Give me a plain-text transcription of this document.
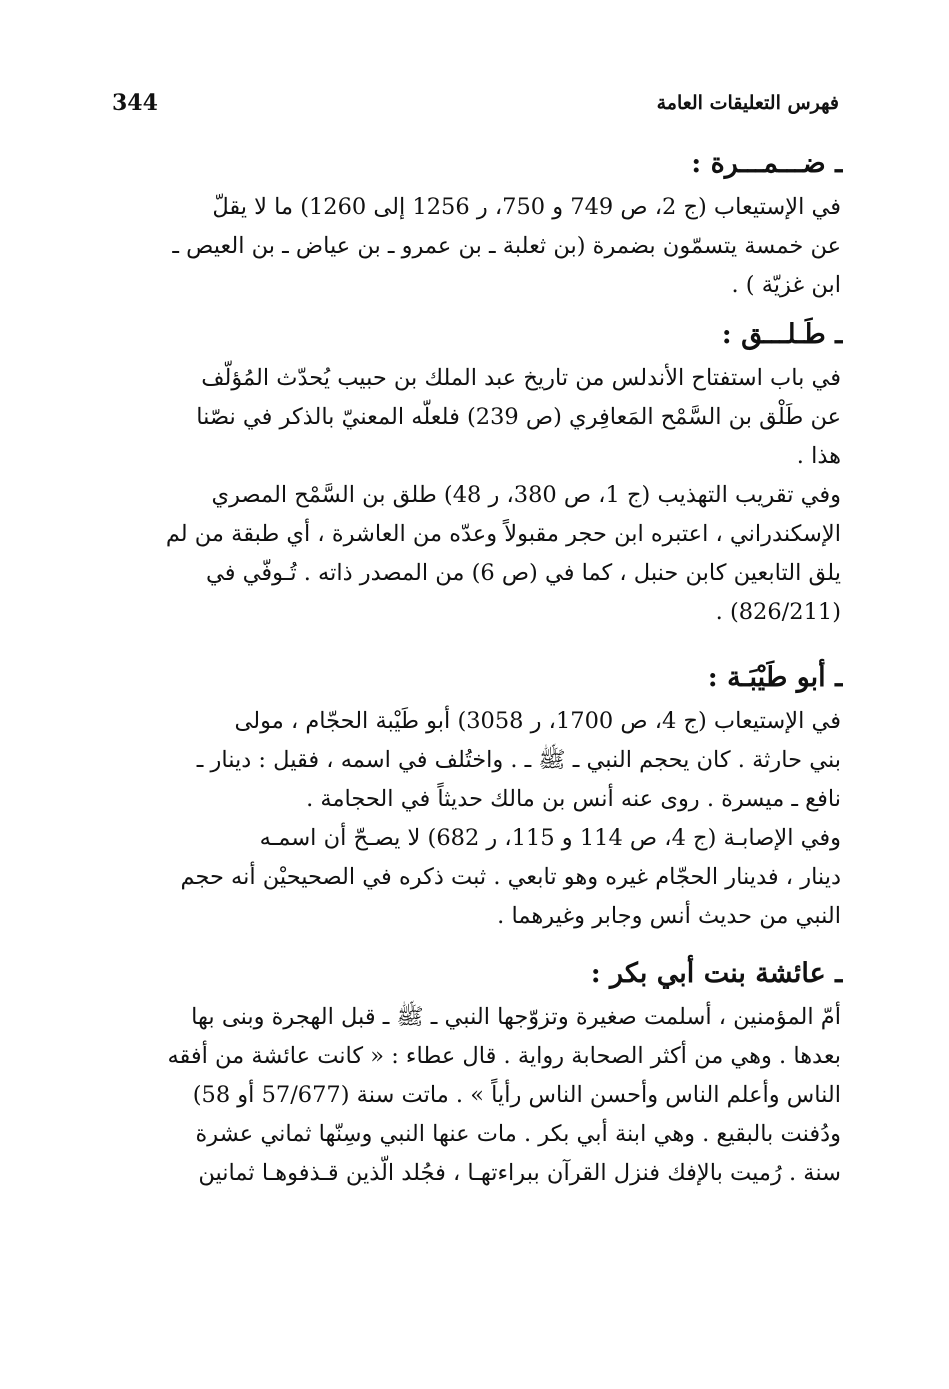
344	فهرس التعليقات العامة
ـ ضـــمـــرة :
في الإستيعاب (ج 2، ص 749 و 750، ر 1256 إلى 1260) ما لا يقلّ
عن خمسة يتسمّون بضمرة (بن ثعلبة ـ بن عمرو ـ بن عياض ـ بن العيص ـ
ابن غزيّة ) .
ـ طَـلـــق :
في باب استفتاح الأندلس من تاريخ عبد الملك بن حبيب يُحدّث المُؤلّف
عن طَلْق بن السَّمْح المَعافِري (ص 239) فلعلّه المعنيّ بالذكر في نصّنا
هذا .
وفي تقريب التهذيب (ج 1، ص 380، ر 48) طلق بن السَّمْح المصري
الإسكندراني ، اعتبره ابن حجر مقبولاً وعدّه من العاشرة ، أي طبقة من لم
يلق التابعين كابن حنبل ، كما في (ص 6) من المصدر ذاته . تُـوفّي في
(826/211) .
ـ أبو طَيْبَـة :
في الإستيعاب (ج 4، ص 1700، ر 3058) أبو طَيْبة الحجّام ، مولى
بني حارثة . كان يحجم النبي ـ ﷺ ـ . واختُلف في اسمه ، فقيل : دينار ـ
نافع ـ ميسرة . روى عنه أنس بن مالك حديثاً في الحجامة .
وفي الإصابـة (ج 4، ص 114 و 115، ر 682) لا يصـحّ أن اسمـه
دينار ، فدينار الحجّام غيره وهو تابعي . ثبت ذكره في الصحيحيْن أنه حجم
النبي من حديث أنس وجابر وغيرهما .
ـ عائشة بنت أبي بكر :
أمّ المؤمنين ، أسلمت صغيرة وتزوّجها النبي ـ ﷺ ـ قبل الهجرة وبنى بها
بعدها . وهي من أكثر الصحابة رواية . قال عطاء : « كانت عائشة من أفقه
الناس وأعلم الناس وأحسن الناس رأياً » . ماتت سنة (57/677 أو 58)
ودُفنت بالبقيع . وهي ابنة أبي بكر . مات عنها النبي وسِنّها ثماني عشرة
سنة . رُميت بالإفك فنزل القرآن ببراءتهـا ، فجُلد الّذين قـذفوهـا ثمانين
